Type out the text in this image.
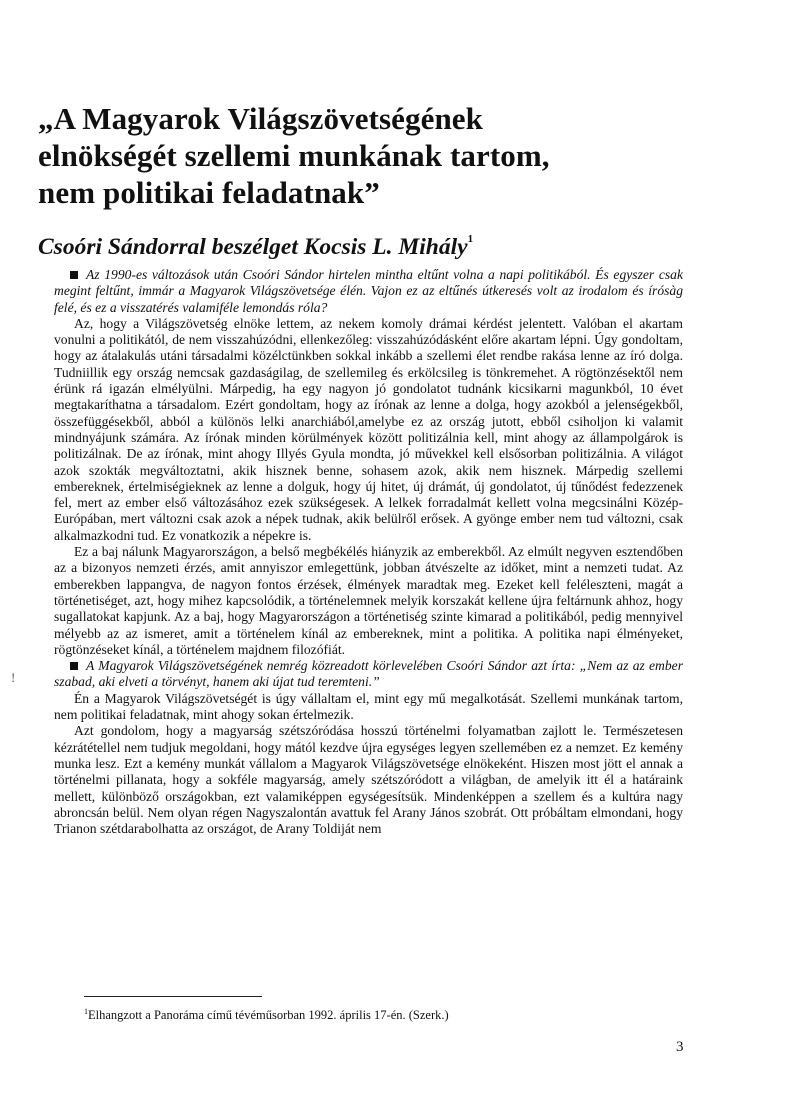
„A Magyarok Világszövetségének
elnökségét szellemi munkának tartom,
nem politikai feladatnak”
Csoóri Sándorral beszélget Kocsis L. Mihály$^1$

Az 1990-es változások után Csoóri Sándor hirtelen mintha eltűnt volna a napi politikából. És egyszer csak megint feltűnt, immár a Magyarok Világszövetsége élén. Vajon ez az eltűnés útkeresés volt az irodalom és írósàg felé, és ez a visszatérés valamiféle lemondás róla?

Az, hogy a Világszövetség elnöke lettem, az nekem komoly drámai kérdést jelentett. Valóban el akartam vonulni a politikától, de nem visszahúzódni, ellenkezőleg: visszahúzódásként előre akartam lépni. Úgy gondoltam, hogy az átalakulás utáni társadalmi közélctünkben sokkal inkább a szellemi élet rendbe rakása lenne az író dolga. Tudniillik egy ország nemcsak gazdaságilag, de szellemileg és erkölcsileg is tönkremehet. A rögtönzésektől nem érünk rá igazán elmélyülni. Márpedig, ha egy nagyon jó gondolatot tudnánk kicsikarni magunkból, 10 évet megtakaríthatna a társadalom. Ezért gondoltam, hogy az írónak az lenne a dolga, hogy azokból a jelenségekből, összefüggésekből, abból a különös lelki anarchiából,amelybe ez az ország jutott, ebből csiholjon ki valamit mindnyájunk számára. Az írónak minden körülmények között politizálnia kell, mint ahogy az állampolgárok is politizálnak. De az írónak, mint ahogy Illyés Gyula mondta, jó művekkel kell elsősorban politizálnia. A világot azok szokták megváltoztatni, akik hisznek benne, sohasem azok, akik nem hisznek. Márpedig szellemi embereknek, értelmiségieknek az lenne a dolguk, hogy új hitet, új drámát, új gondolatot, új tűnődést fedezzenek fel, mert az ember első változásához ezek szükségesek. A lelkek forradalmát kellett volna megcsinálni Közép-Európában, mert változni csak azok a népek tudnak, akik belülről erősek. A gyönge ember nem tud változni, csak alkalmazkodni tud. Ez vonatkozik a népekre is.

Ez a baj nálunk Magyarországon, a belső megbékélés hiányzik az emberekből. Az elmúlt negyven esztendőben az a bizonyos nemzeti érzés, amit annyiszor emlegettünk, jobban átvészelte az időket, mint a nemzeti tudat. Az emberekben lappangva, de nagyon fontos érzések, élmények maradtak meg. Ezeket kell feléleszteni, magát a történetiséget, azt, hogy mihez kapcsolódik, a történelemnek melyik korszakát kellene újra feltárnunk ahhoz, hogy sugallatokat kapjunk. Az a baj, hogy Magyarországon a történetiség szinte kimarad a politikából, pedig mennyivel mélyebb az az ismeret, amit a történelem kínál az embereknek, mint a politika. A politika napi élményeket, rögtönzéseket kínál, a történelem majdnem filozófiát.

A Magyarok Világszövetségének nemrég közreadott körlevelében Csoóri Sándor azt írta: „Nem az az ember szabad, aki elveti a törvényt, hanem aki újat tud teremteni.”

Én a Magyarok Világszövetségét is úgy vállaltam el, mint egy mű megalkotását. Szellemi munkának tartom, nem politikai feladatnak, mint ahogy sokan értelmezik.

Azt gondolom, hogy a magyarság szétszóródása hosszú történelmi folyamatban zajlott le. Természetesen kézrátétellel nem tudjuk megoldani, hogy mától kezdve újra egységes legyen szellemében ez a nemzet. Ez kemény munka lesz. Ezt a kemény munkát vállalom a Magyarok Világszövetsége elnökeként. Hiszen most jött el annak a történelmi pillanata, hogy a sokféle magyarság, amely szétszóródott a világban, de amelyik itt él a határaink mellett, különböző országokban, ezt valamiképpen egységesítsük. Mindenképpen a szellem és a kultúra nagy abroncsán belül. Nem olyan régen Nagyszalontán avattuk fel Arany János szobrát. Ott próbáltam elmondani, hogy Trianon szétdarabolhatta az országot, de Arany Toldiját nem

!
$^1$Elhangzott a Panoráma című tévéműsorban 1992. április 17-én. (Szerk.)
3
